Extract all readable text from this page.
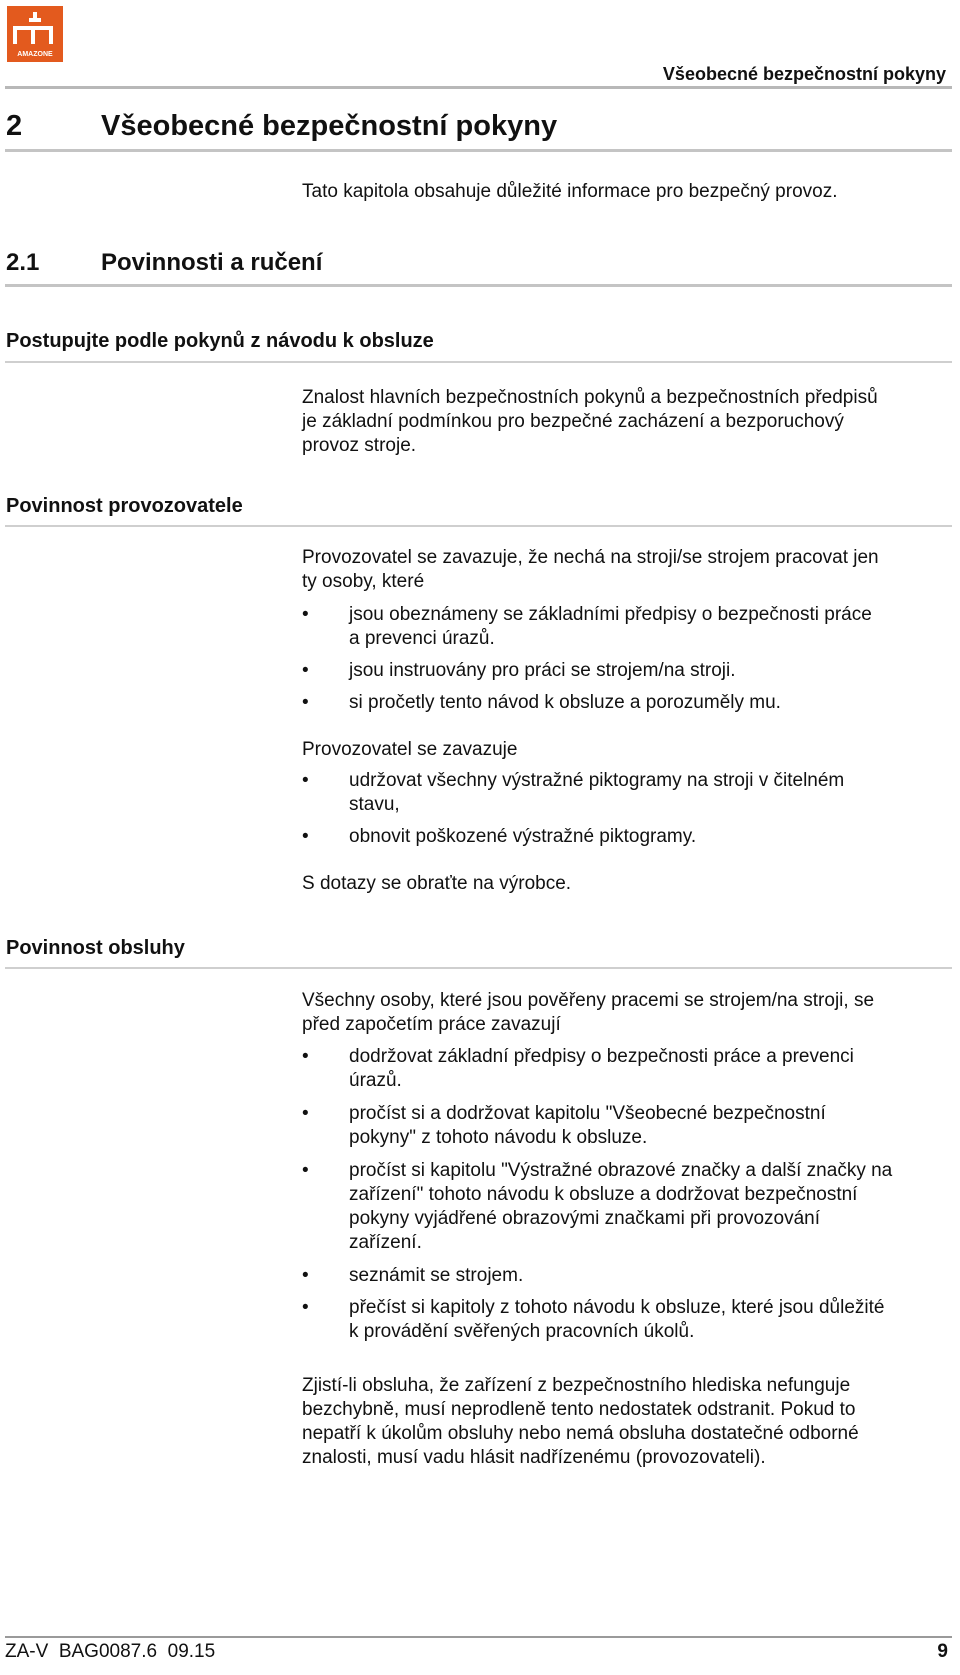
AMAZONE
Všeobecné bezpečnostní pokyny
2	Všeobecné bezpečnostní pokyny
Tato kapitola obsahuje důležité informace pro bezpečný provoz.
2.1	Povinnosti a ručení
Postupujte podle pokynů z návodu k obsluze
Znalost hlavních bezpečnostních pokynů a bezpečnostních předpisů
je základní podmínkou pro bezpečné zacházení a bezporuchový
provoz stroje.
Povinnost provozovatele
Provozovatel se zavazuje, že nechá na stroji/se strojem pracovat jen
ty osoby, které
• jsou obeznámeny se základními předpisy o bezpečnosti práce
a prevenci úrazů.
• jsou instruovány pro práci se strojem/na stroji.
• si pročetly tento návod k obsluze a porozuměly mu.
Provozovatel se zavazuje
• udržovat všechny výstražné piktogramy na stroji v čitelném
stavu,
• obnovit poškozené výstražné piktogramy.
S dotazy se obraťte na výrobce.
Povinnost obsluhy
Všechny osoby, které jsou pověřeny pracemi se strojem/na stroji, se
před započetím práce zavazují
• dodržovat základní předpisy o bezpečnosti práce a prevenci
úrazů.
• pročíst si a dodržovat kapitolu "Všeobecné bezpečnostní
pokyny" z tohoto návodu k obsluze.
• pročíst si kapitolu "Výstražné obrazové značky a další značky na
zařízení" tohoto návodu k obsluze a dodržovat bezpečnostní
pokyny vyjádřené obrazovými značkami při provozování
zařízení.
• seznámit se strojem.
• přečíst si kapitoly z tohoto návodu k obsluze, které jsou důležité
k provádění svěřených pracovních úkolů.
Zjistí-li obsluha, že zařízení z bezpečnostního hlediska nefunguje
bezchybně, musí neprodleně tento nedostatek odstranit. Pokud to
nepatří k úkolům obsluhy nebo nemá obsluha dostatečné odborné
znalosti, musí vadu hlásit nadřízenému (provozovateli).
ZA-V  BAG0087.6  09.15	9
